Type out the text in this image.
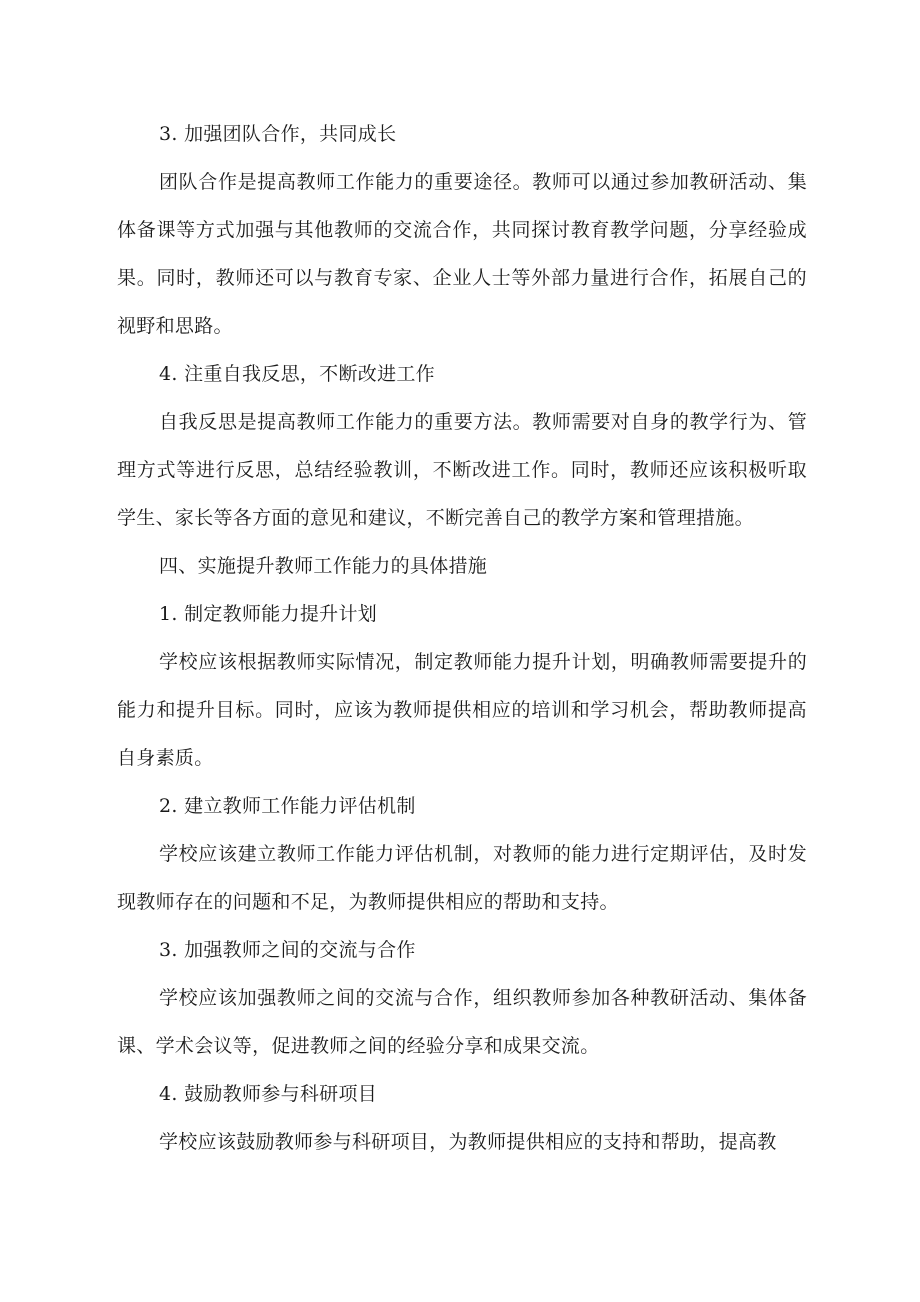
3. 加强团队合作，共同成长

团队合作是提高教师工作能力的重要途径。教师可以通过参加教研活动、集体备课等方式加强与其他教师的交流合作，共同探讨教育教学问题，分享经验成果。同时，教师还可以与教育专家、企业人士等外部力量进行合作，拓展自己的视野和思路。

4. 注重自我反思，不断改进工作

自我反思是提高教师工作能力的重要方法。教师需要对自身的教学行为、管理方式等进行反思，总结经验教训，不断改进工作。同时，教师还应该积极听取学生、家长等各方面的意见和建议，不断完善自己的教学方案和管理措施。

四、实施提升教师工作能力的具体措施

1. 制定教师能力提升计划

学校应该根据教师实际情况，制定教师能力提升计划，明确教师需要提升的能力和提升目标。同时，应该为教师提供相应的培训和学习机会，帮助教师提高自身素质。

2. 建立教师工作能力评估机制

学校应该建立教师工作能力评估机制，对教师的能力进行定期评估，及时发现教师存在的问题和不足，为教师提供相应的帮助和支持。

3. 加强教师之间的交流与合作

学校应该加强教师之间的交流与合作，组织教师参加各种教研活动、集体备课、学术会议等，促进教师之间的经验分享和成果交流。

4. 鼓励教师参与科研项目

学校应该鼓励教师参与科研项目，为教师提供相应的支持和帮助，提高教
